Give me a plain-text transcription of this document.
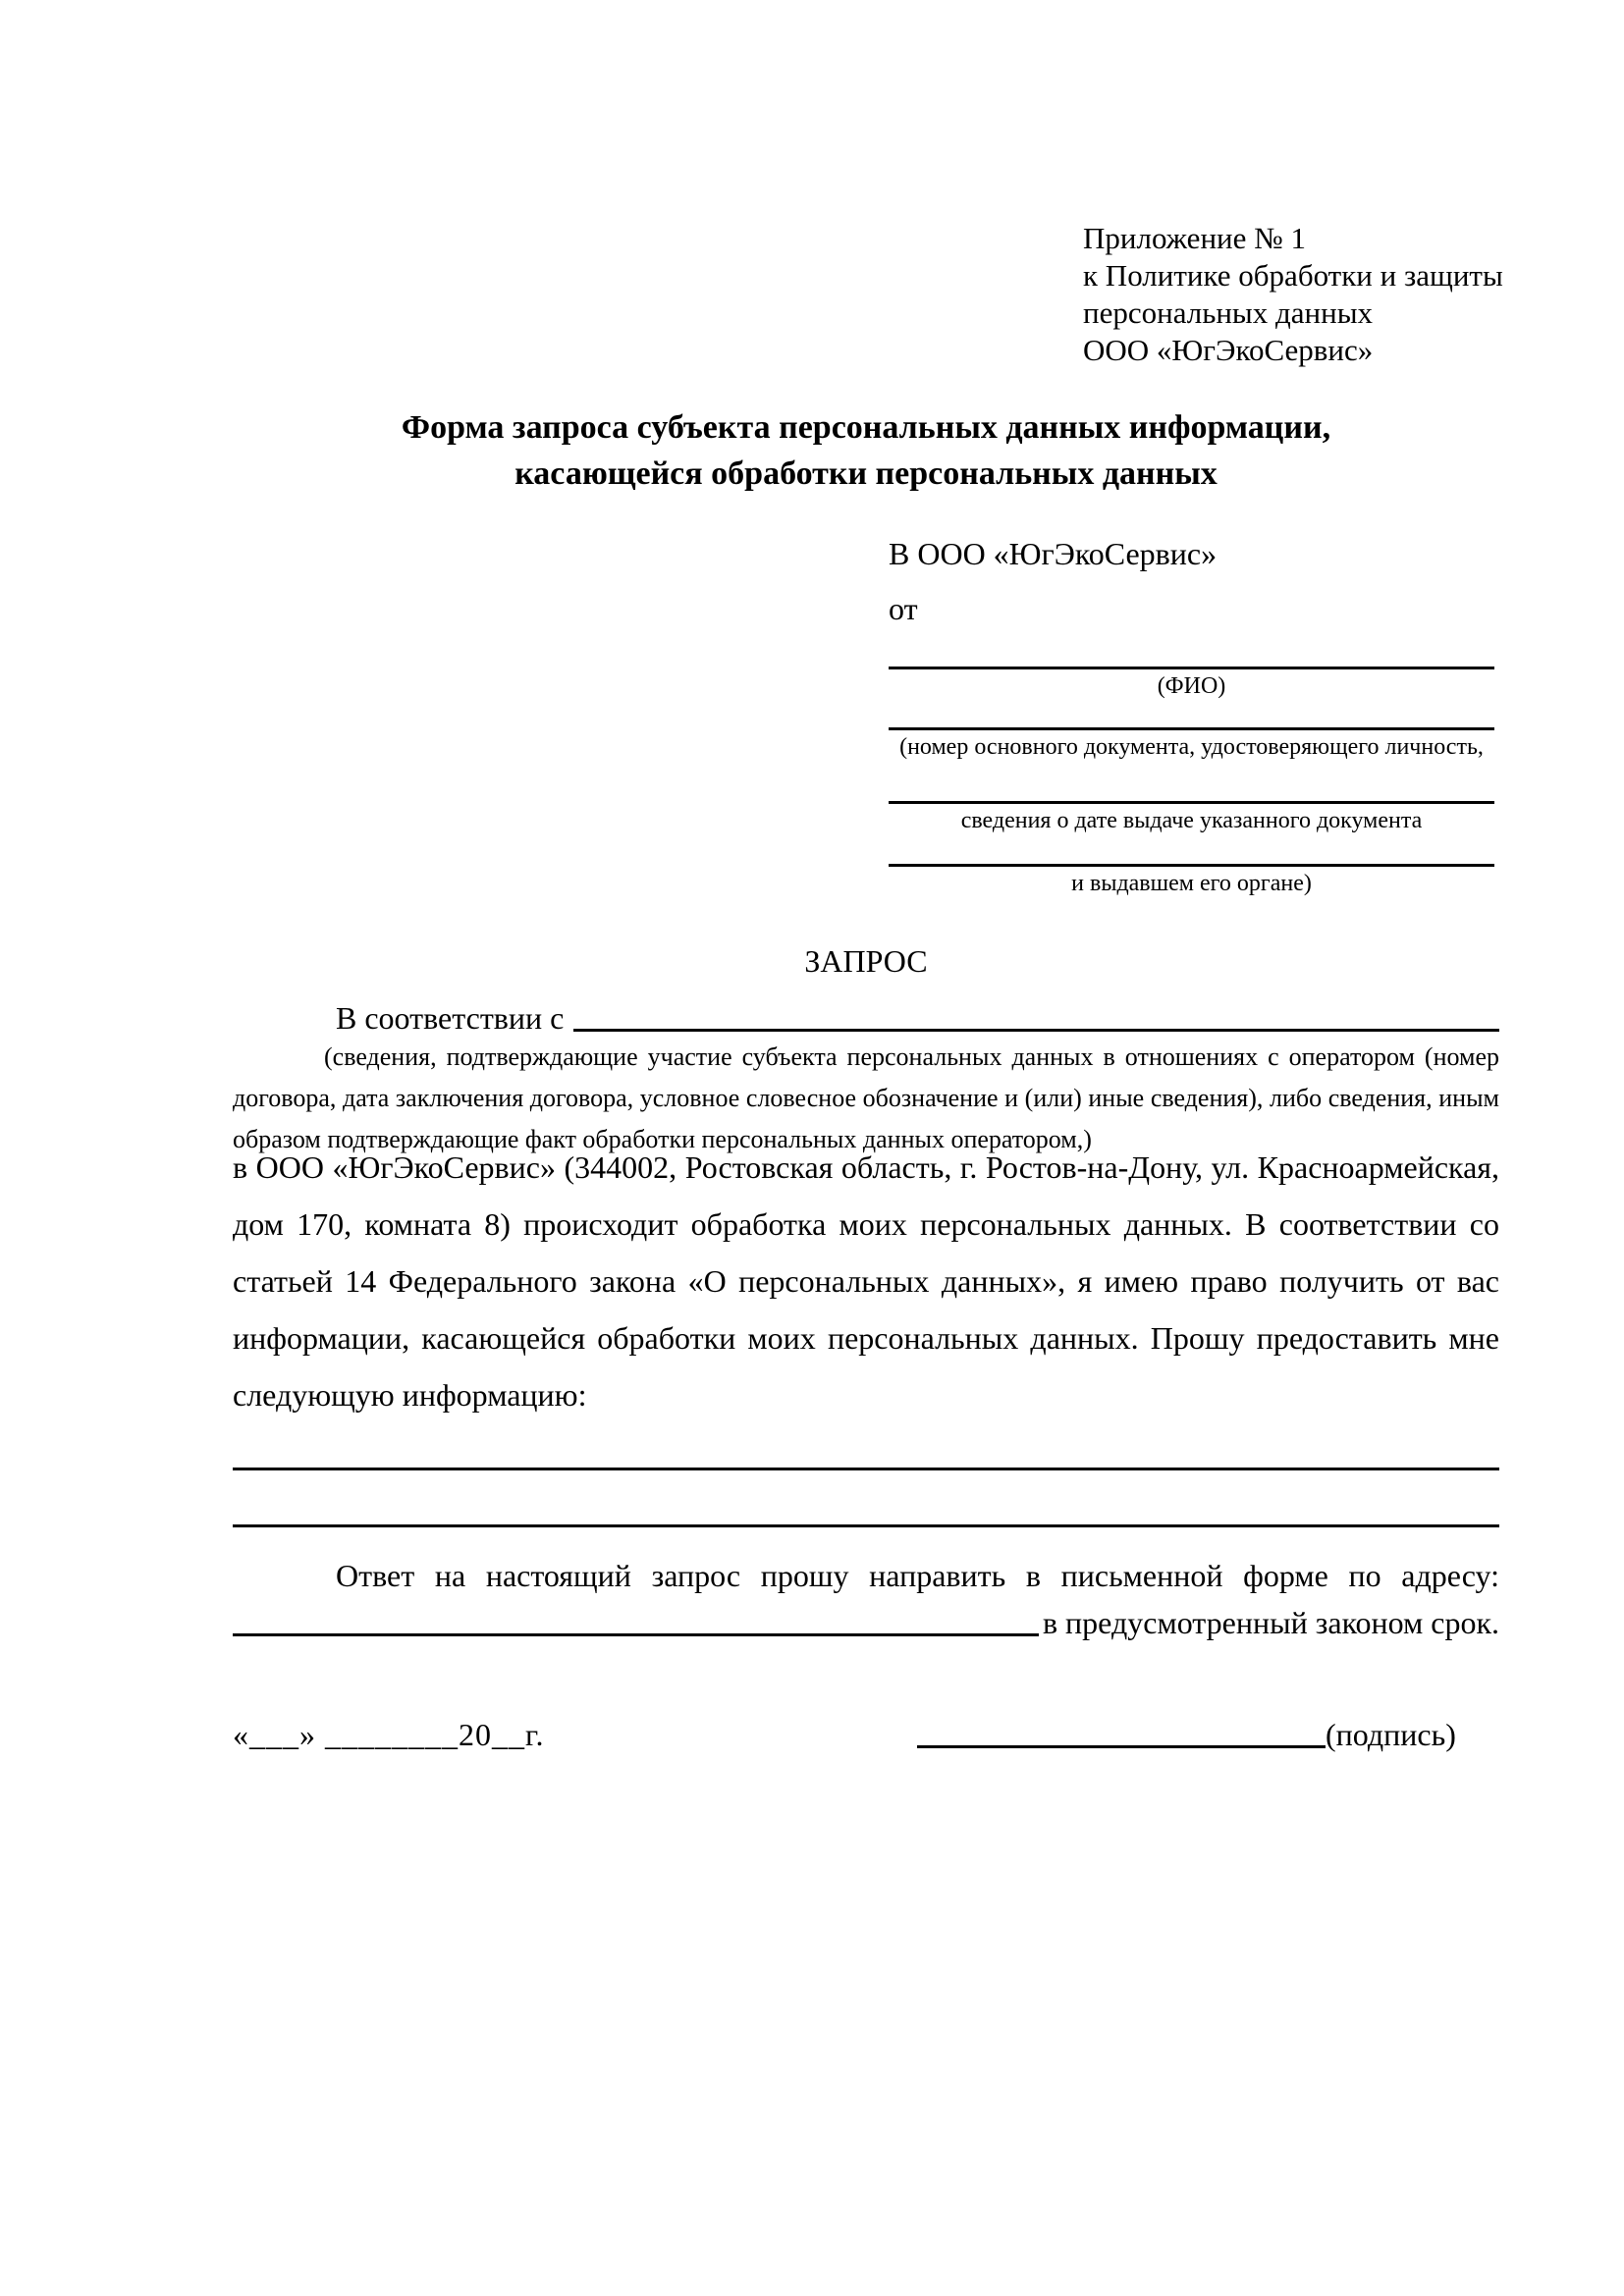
Приложение № 1
к Политике обработки и защиты
персональных данных
ООО «ЮгЭкоСервис»
Форма запроса субъекта персональных данных информации,
касающейся обработки персональных данных
В ООО «ЮгЭкоСервис»
от
(ФИО)
(номер основного документа, удостоверяющего личность,
сведения о дате выдаче указанного документа
и выдавшем его органе)
ЗАПРОС
В соответствии с
(сведения, подтверждающие участие субъекта персональных данных в отношениях с оператором (номер договора, дата заключения договора, условное словесное обозначение и (или) иные сведения), либо сведения, иным образом подтверждающие факт обработки персональных данных оператором,)
в ООО «ЮгЭкоСервис» (344002, Ростовская область, г. Ростов-на-Дону, ул. Красноармейская, дом 170, комната 8) происходит обработка моих персональных данных. В соответствии со статьей 14 Федерального закона «О персональных данных», я имею право получить от вас информации, касающейся обработки моих персональных данных. Прошу предоставить мне следующую информацию:
Ответ на настоящий запрос прошу направить в письменной форме по адресу:
в предусмотренный законом срок.
«___» ________20__г.	(подпись)
